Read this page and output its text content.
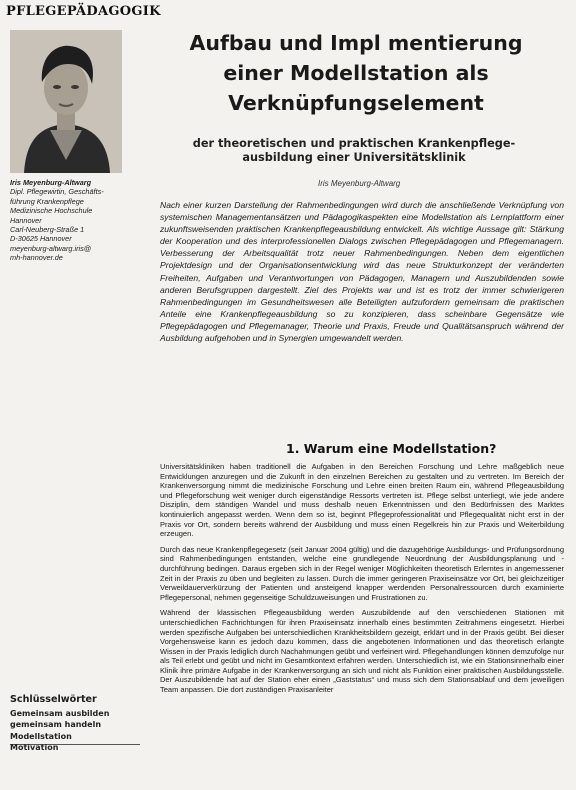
PFLEGEPÄDAGOGIK
Aufbau und Impl mentierung
einer Modellstation als
Verknüpfungselement
der theoretischen und praktischen Krankenpflege-
ausbildung einer Universitätsklinik
Iris Meyenburg-Altwarg
Iris Meyenburg-Altwarg
Dipl. Pflegewirtin, Geschäfts-
führung Krankenpflege
Medizinische Hochschule
Hannover
Carl-Neuberg-Straße 1
D-30625 Hannover
meyenburg-altwarg.iris@
mh-hannover.de

Nach einer kurzen Darstellung der Rahmenbedingungen wird durch die anschließende Verknüpfung von systemischen Managementansätzen und Pädagogikaspekten eine Modellstation als Lernplattform einer zukunftsweisenden praktischen Krankenpflegeausbildung entwickelt. Als wichtige Aussage gilt: Stärkung der Kooperation und des interprofessionellen Dialogs zwischen Pflegepädagogen und Pflegemanagern. Verbesserung der Arbeitsqualität trotz neuer Rahmenbedingungen. Neben dem eigentlichen Projektdesign und der Organisationsentwicklung wird das neue Strukturkonzept der veränderten Freiheiten, Aufgaben und Verantwortungen von Pädagogen, Managern und Auszubildenden sowie anderen Berufsgruppen dargestellt. Ziel des Projekts war und ist es trotz der immer schwierigeren Rahmenbedingungen im Gesundheitswesen alle Beteiligten aufzufordern gemeinsam die praktischen Anteile eine Krankenpflegeausbildung so zu konzipieren, dass scheinbare Gegensätze wie Pflegepädagogen und Pflegemanager, Theorie und Praxis, Freude und Qualitätsanspruch während der Ausbildung aufgehoben und in Synergien umgewandelt werden.

1. Warum eine Modellstation?

Universitätskliniken haben traditionell die Aufgaben in den Bereichen Forschung und Lehre maßgeblich neue Entwicklungen anzuregen und die Zukunft in den einzelnen Bereichen zu gestalten und zu vertreten. Im Bereich der Krankenversorgung nimmt die medizinische Forschung und Lehre einen breiten Raum ein, während Pflegeausbildung und Pflegeforschung weit weniger durch eigenständige Ressorts vertreten ist. Pflege selbst unterliegt, wie jede andere Disziplin, dem ständigen Wandel und muss deshalb neuen Erkenntnissen und den Bedürfnissen des Marktes kontinuierlich angepasst werden. Wenn dem so ist, beginnt Pflegeprofessionalität und Pflegequalität nicht erst in der Praxis vor Ort, sondern bereits während der Ausbildung und muss einen Regelkreis hin zur Praxis und Weiterbildung erzeugen.

Durch das neue Krankenpflegegesetz (seit Januar 2004 gültig) und die dazugehörige Ausbildungs- und Prüfungsordnung sind Rahmenbedingungen entstanden, welche eine grundlegende Neuordnung der Ausbildungsplanung und -durchführung bedingen. Daraus ergeben sich in der Regel weniger Möglichkeiten theoretisch Erlerntes in angemessener Zeit in der Praxis zu üben und begleiten zu lassen. Durch die immer geringeren Praxiseinsätze vor Ort, bei gleichzeitiger Verweildauerverkürzung der Patienten und ansteigend knapper werdenden Personalressourcen durch examinierte Pflegepersonal, nehmen gegenseitige Schuldzuweisungen und Frustrationen zu.

Während der klassischen Pflegeausbildung werden Auszubildende auf den verschiedenen Stationen mit unterschiedlichen Fachrichtungen für ihren Praxiseinsatz innerhalb eines bestimmten Zeitrahmens eingesetzt. Hierbei werden spezifische Aufgaben bei unterschiedlichen Krankheitsbildern gezeigt, erklärt und in der Praxis geübt. Bei dieser Vorgehensweise kann es jedoch dazu kommen, dass die angebotenen Informationen und das theoretisch erlangte Wissen in der Praxis lediglich durch Nachahmungen geübt und verfeinert wird. Pflegehandlungen können demzufolge nur als Teil erlebt und geübt und nicht im Gesamtkontext erfahren werden. Unterschiedlich ist, wie ein Stationsinnerhalb einer Klinik ihre primäre Aufgabe in der Krankenversorgung an sich und nicht als Funktion einer praktischen Ausbildungsstelle. Der Auszubildende hat auf der Station eher einen „Gaststatus“ und muss sich dem Stationsablauf und dem jeweiligen Team anpassen. Die dort zuständigen Praxisanleiter

Schlüsselwörter
Gemeinsam ausbilden
gemeinsam handeln
Modellstation
Motivation
